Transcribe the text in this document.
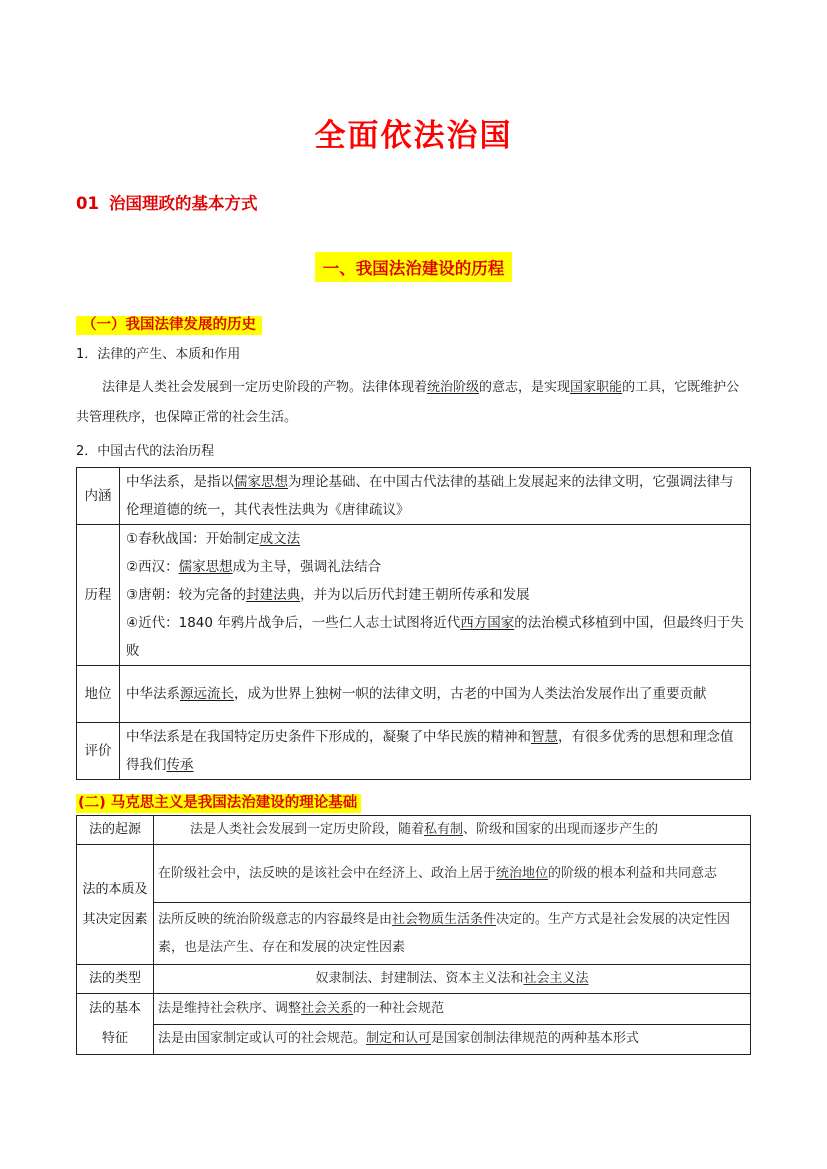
全面依法治国
01 治国理政的基本方式
一、我国法治建设的历程
（一）我国法律发展的历史
1．法律的产生、本质和作用
法律是人类社会发展到一定历史阶段的产物。法律体现着统治阶级的意志，是实现国家职能的工具，它既维护公共管理秩序，也保障正常的社会生活。
2．中国古代的法治历程
内涵	中华法系，是指以儒家思想为理论基础、在中国古代法律的基础上发展起来的法律文明，它强调法律与伦理道德的统一，其代表性法典为《唐律疏议》
历程	①春秋战国：开始制定成文法
②西汉：儒家思想成为主导，强调礼法结合
③唐朝：较为完备的封建法典，并为以后历代封建王朝所传承和发展
④近代：1840 年鸦片战争后，一些仁人志士试图将近代西方国家的法治模式移植到中国，但最终归于失败

地位	中华法系源远流长，成为世界上独树一帜的法律文明，古老的中国为人类法治发展作出了重要贡献
评价	中华法系是在我国特定历史条件下形成的，凝聚了中华民族的精神和智慧，有很多优秀的思想和理念值得我们传承
(二) 马克思主义是我国法治建设的理论基础
法的起源	法是人类社会发展到一定历史阶段，随着私有制、阶级和国家的出现而逐步产生的
法的本质及其决定因素	在阶级社会中，法反映的是该社会中在经济上、政治上居于统治地位的阶级的根本利益和共同意志
	法所反映的统治阶级意志的内容最终是由社会物质生活条件决定的。生产方式是社会发展的决定性因素，也是法产生、存在和发展的决定性因素
法的类型	奴隶制法、封建制法、资本主义法和社会主义法
法的基本特征	法是维持社会秩序、调整社会关系的一种社会规范
	法是由国家制定或认可的社会规范。制定和认可是国家创制法律规范的两种基本形式
